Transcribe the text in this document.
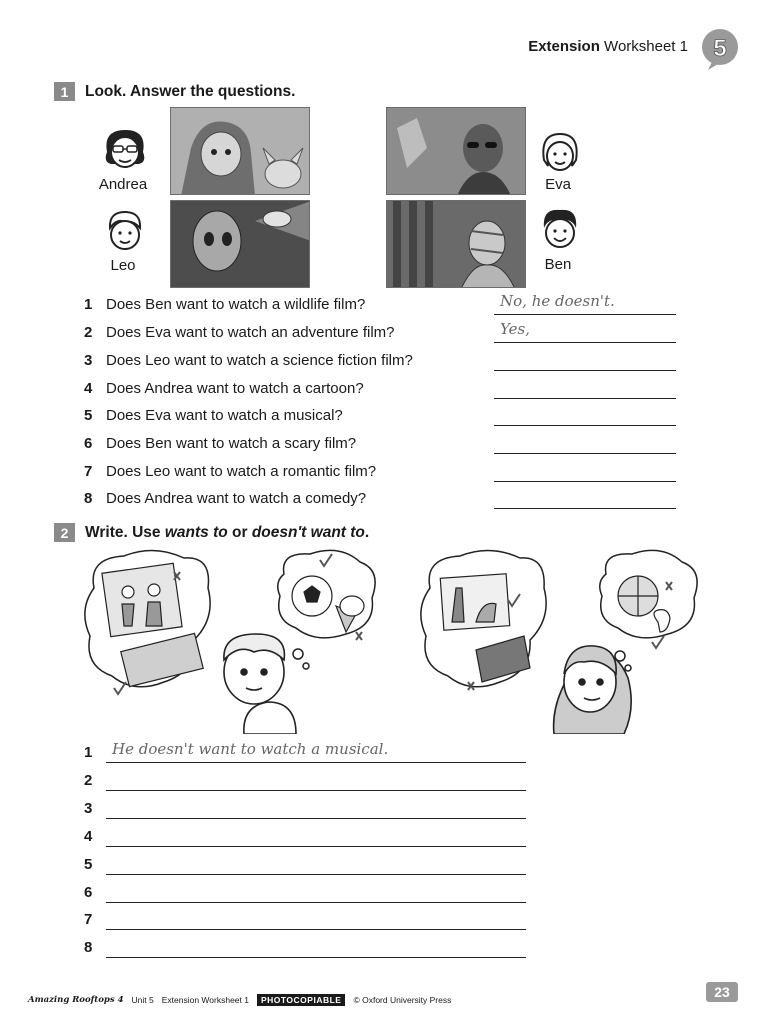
Extension Worksheet 1 5
1	Look. Answer the questions.
Andrea	Eva
Leo	Ben
1 Does Ben want to watch a wildlife film?	No, he doesn't.
2 Does Eva want to watch an adventure film?	Yes,
3 Does Leo want to watch a science fiction film?
4 Does Andrea want to watch a cartoon?
5 Does Eva want to watch a musical?
6 Does Ben want to watch a scary film?
7 Does Leo want to watch a romantic film?
8 Does Andrea want to watch a comedy?
2	Write. Use
wants to
or
doesn't want to .
1 He doesn't want to watch a musical.
2
3
4
5
6
7
8
Amazing Rooftops 4 Unit 5 Extension Worksheet 1	PHOTOCOPIABLE	© Oxford University Press	23
